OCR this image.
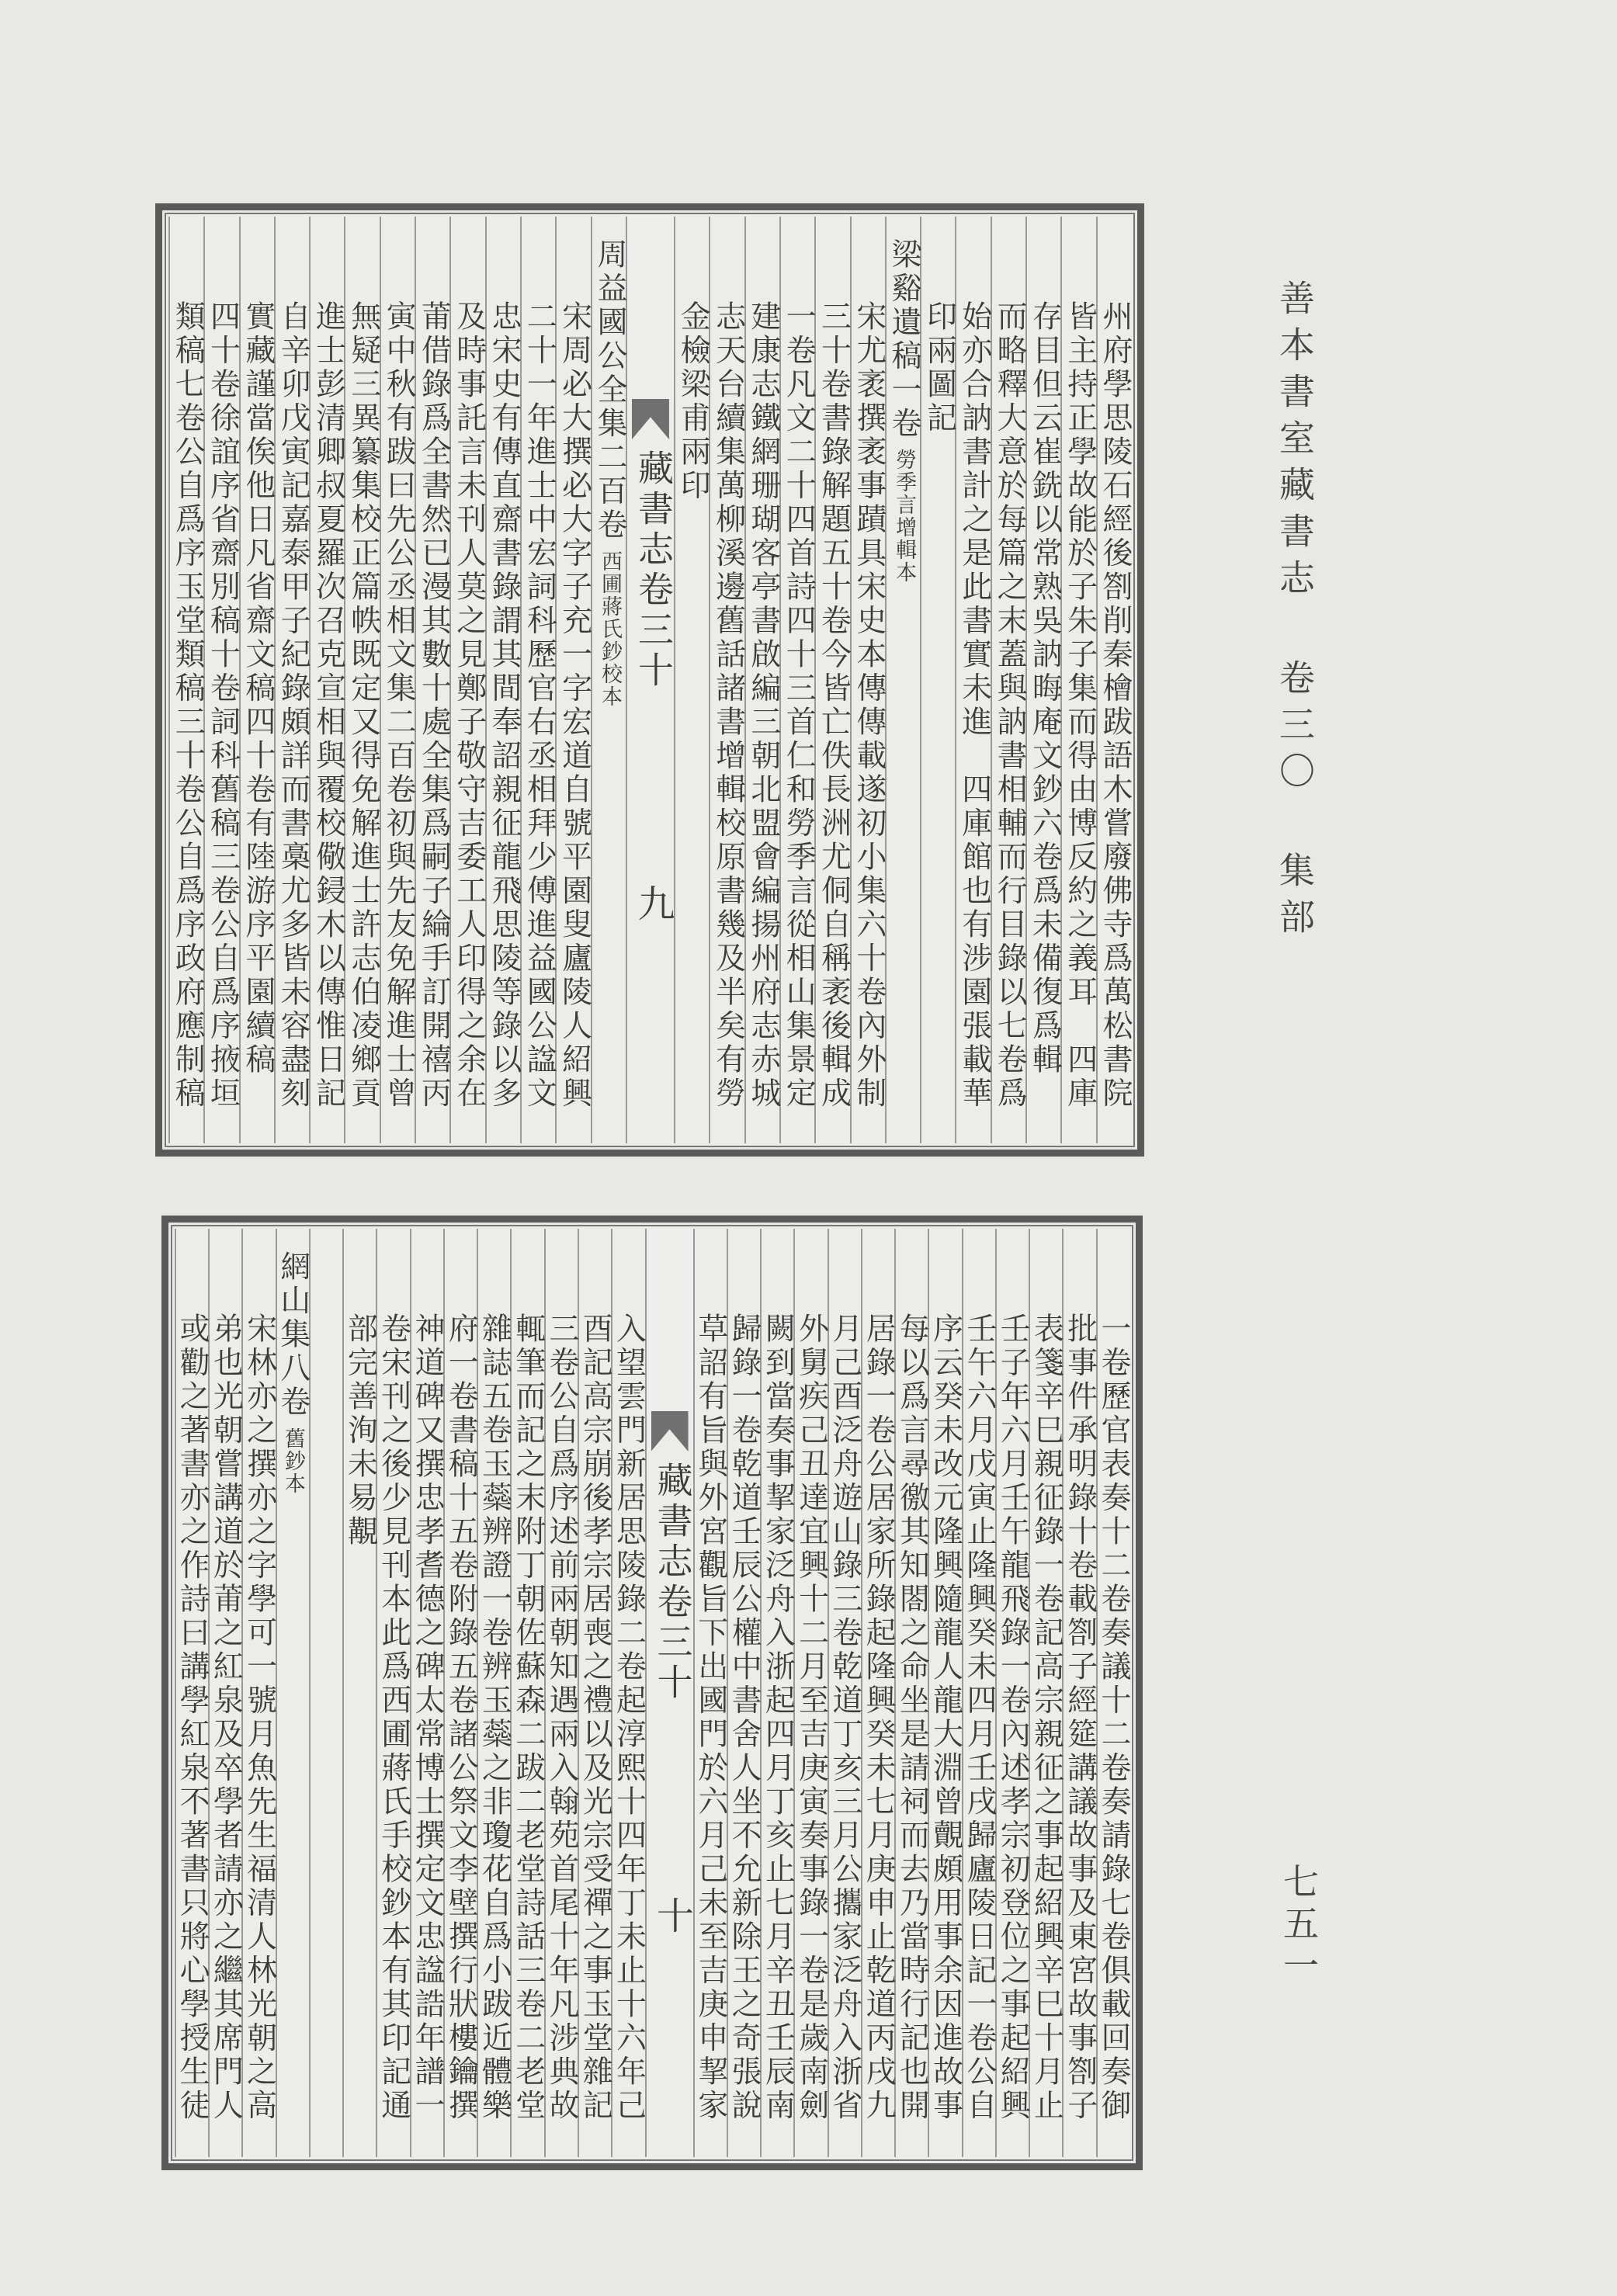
善本書室藏書志 卷三〇 集部
七五一
州府學思陵石經後劄削秦檜跋語木嘗廢佛寺爲萬松書院
皆主持正學故能於子朱子集而得由博反約之義耳　四庫
存目但云崔銑以常熟吳訥晦庵文鈔六卷爲未備復爲輯
而略釋大意於每篇之末蓋與訥書相輔而行目錄以七卷爲
始亦合訥書計之是此書實未進　四庫館也有涉園張載華
印兩圖記
梁谿遺稿一卷勞季言增輯本
宋尤袤撰袤事蹟具宋史本傳傳載遂初小集六十卷內外制
三十卷書錄解題五十卷今皆亡佚長洲尤侗自稱袤後輯成
一卷凡文二十四首詩四十三首仁和勞季言從相山集景定
建康志鐵網珊瑚客亭書啟編三朝北盟會編揚州府志赤城
志天台續集萬柳溪邊舊話諸書增輯校原書幾及半矣有勞
金檢梁甫兩印
藏書志卷三十
九
周益國公全集二百卷西圃蔣氏鈔校本
宋周必大撰必大字子充一字宏道自號平園叟廬陵人紹興
二十一年進士中宏詞科歷官右丞相拜少傅進益國公諡文
忠宋史有傳直齋書錄謂其間奉詔親征龍飛思陵等錄以多
及時事託言未刊人莫之見鄭子敬守吉委工人印得之余在
莆借錄爲全書然已漫其數十處全集爲嗣子綸手訂開禧丙
寅中秋有跋曰先公丞相文集二百卷初與先友免解進士曾
無疑三異纂集校正篇帙既定又得免解進士許志伯凌鄉貢
進士彭清卿叔夏羅次召克宣相與覆校儆鋟木以傳惟日記
自辛卯戊寅記嘉泰甲子紀錄頗詳而書槀尤多皆未容盡刻
實藏謹當俟他日凡省齋文稿四十卷有陸游序平園續稿
四十卷徐誼序省齋別稿十卷詞科舊稿三卷公自爲序掖垣
類稿七卷公自爲序玉堂類稿三十卷公自爲序政府應制稿
一卷歷官表奏十二卷奏議十二卷奏請錄七卷俱載回奏御
批事件承明錄十卷載劄子經筵講議故事及東宮故事劄子
表箋辛巳親征錄一卷記高宗親征之事起紹興辛巳十月止
壬子年六月壬午龍飛錄一卷內述孝宗初登位之事起紹興
壬午六月戊寅止隆興癸未四月壬戌歸廬陵日記一卷公自
序云癸未改元隆興隨龍人龍大淵曾覿頗用事余因進故事
每以爲言尋徼其知閤之命坐是請祠而去乃當時行記也開
居錄一卷公居家所錄起隆興癸未七月庚申止乾道丙戌九
月己酉泛舟遊山錄三卷乾道丁亥三月公攜家泛舟入浙省
外舅疾己丑達宜興十二月至吉庚寅奏事錄一卷是歲南劍
闕到當奏事挈家泛舟入浙起四月丁亥止七月辛丑壬辰南
歸錄一卷乾道壬辰公權中書舍人坐不允新除王之奇張說
草詔有旨與外宮觀旨下出國門於六月己未至吉庚申挈家
藏書志卷三十
十
入望雲門新居思陵錄二卷起淳熙十四年丁未止十六年己
酉記高宗崩後孝宗居喪之禮以及光宗受禪之事玉堂雜記
三卷公自爲序述前兩朝知遇兩入翰苑首尾十年凡涉典故
輒筆而記之末附丁朝佐蘇森二跋二老堂詩話三卷二老堂
雜誌五卷玉蘂辨證一卷辨玉蘂之非瓊花自爲小跋近體樂
府一卷書稿十五卷附錄五卷諸公祭文李壁撰行狀樓鑰撰
神道碑又撰忠孝耆德之碑太常博士撰定文忠諡誥年譜一
卷宋刊之後少見刊本此爲西圃蔣氏手校鈔本有其印記通
部完善洵未易覯
網山集八卷舊鈔本
宋林亦之撰亦之字學可一號月魚先生福清人林光朝之高
弟也光朝嘗講道於莆之紅泉及卒學者請亦之繼其席門人
或勸之著書亦之作詩曰講學紅泉不著書只將心學授生徒
